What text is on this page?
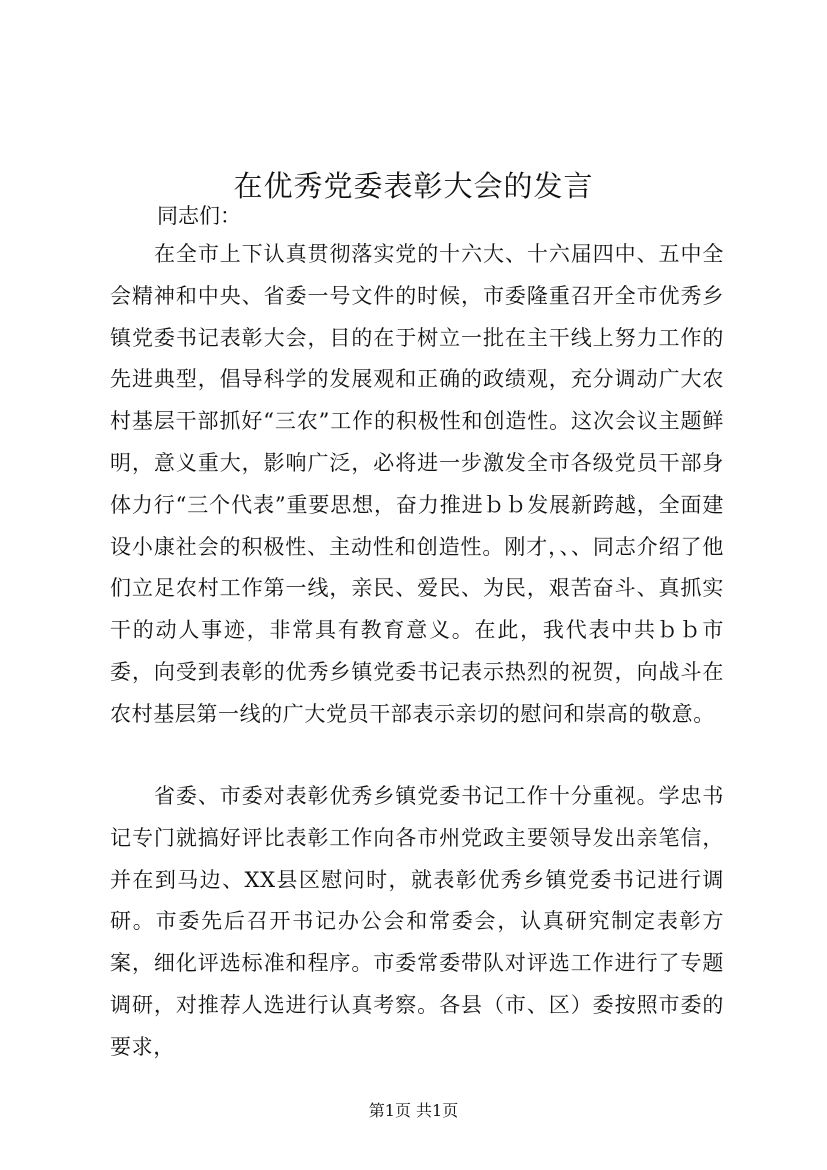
在优秀党委表彰大会的发言
同志们：

在全市上下认真贯彻落实党的十六大、十六届四中、五中全会精神和中央、省委一号文件的时候，市委隆重召开全市优秀乡镇党委书记表彰大会，目的在于树立一批在主干线上努力工作的先进典型，倡导科学的发展观和正确的政绩观，充分调动广大农村基层干部抓好“三农”工作的积极性和创造性。这次会议主题鲜明，意义重大，影响广泛，必将进一步激发全市各级党员干部身体力行“三个代表”重要思想，奋力推进ｂｂ发展新跨越，全面建设小康社会的积极性、主动性和创造性。刚才，、、同志介绍了他们立足农村工作第一线，亲民、爱民、为民，艰苦奋斗、真抓实干的动人事迹，非常具有教育意义。在此，我代表中共ｂｂ市委，向受到表彰的优秀乡镇党委书记表示热烈的祝贺，向战斗在农村基层第一线的广大党员干部表示亲切的慰问和崇高的敬意。

省委、市委对表彰优秀乡镇党委书记工作十分重视。学忠书记专门就搞好评比表彰工作向各市州党政主要领导发出亲笔信，并在到马边、XX县区慰问时，就表彰优秀乡镇党委书记进行调研。市委先后召开书记办公会和常委会，认真研究制定表彰方案，细化评选标准和程序。市委常委带队对评选工作进行了专题调研，对推荐人选进行认真考察。各县（市、区）委按照市委的要求，

第1页 共1页
